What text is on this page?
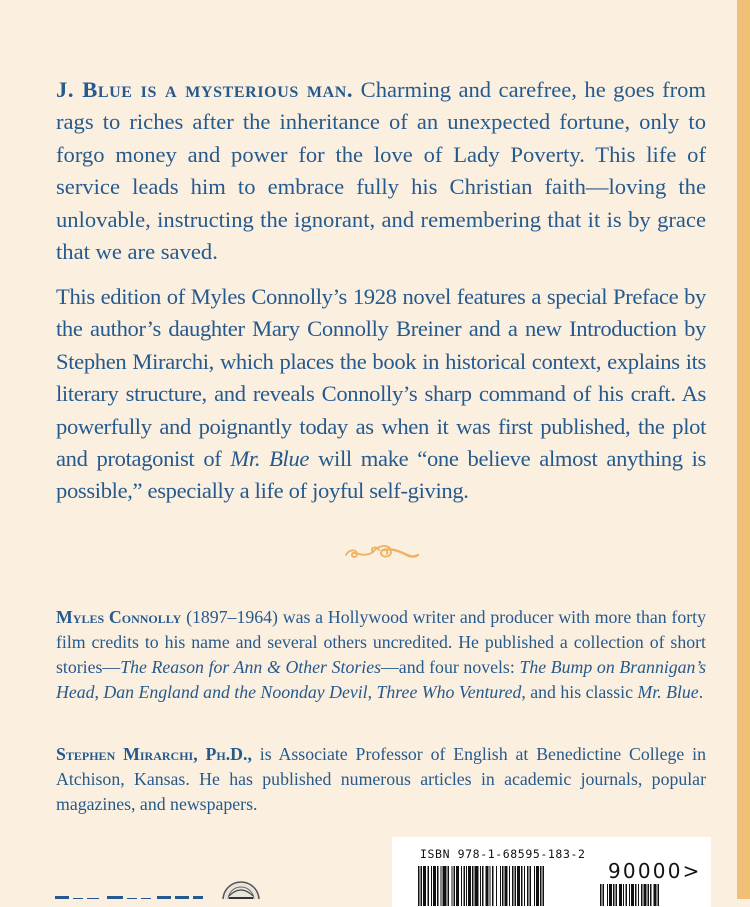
J. Blue is a mysterious man. Charming and carefree, he goes from rags to riches after the inheritance of an unexpected fortune, only to forgo money and power for the love of Lady Poverty. This life of service leads him to embrace fully his Christian faith—loving the unlovable, instructing the ignorant, and remembering that it is by grace that we are saved.

This edition of Myles Connolly’s 1928 novel features a special Preface by the author’s daughter Mary Connolly Breiner and a new Introduction by Stephen Mirarchi, which places the book in historical context, explains its literary structure, and reveals Connolly’s sharp command of his craft. As powerfully and poignantly today as when it was first published, the plot and protagonist of Mr. Blue will make “one believe almost anything is possible,” especially a life of joyful self-giving.

Myles Connolly (1897–1964) was a Hollywood writer and producer with more than forty film credits to his name and several others uncredited. He published a collection of short stories—The Reason for Ann & Other Stories—and four novels: The Bump on Brannigan’s Head, Dan England and the Noonday Devil, Three Who Ventured, and his classic Mr. Blue.

Stephen Mirarchi, Ph.D., is Associate Professor of English at Benedictine College in Atchison, Kansas. He has published numerous articles in academic journals, popular magazines, and newspapers.

ISBN 978-1-68595-183-2
90000>
